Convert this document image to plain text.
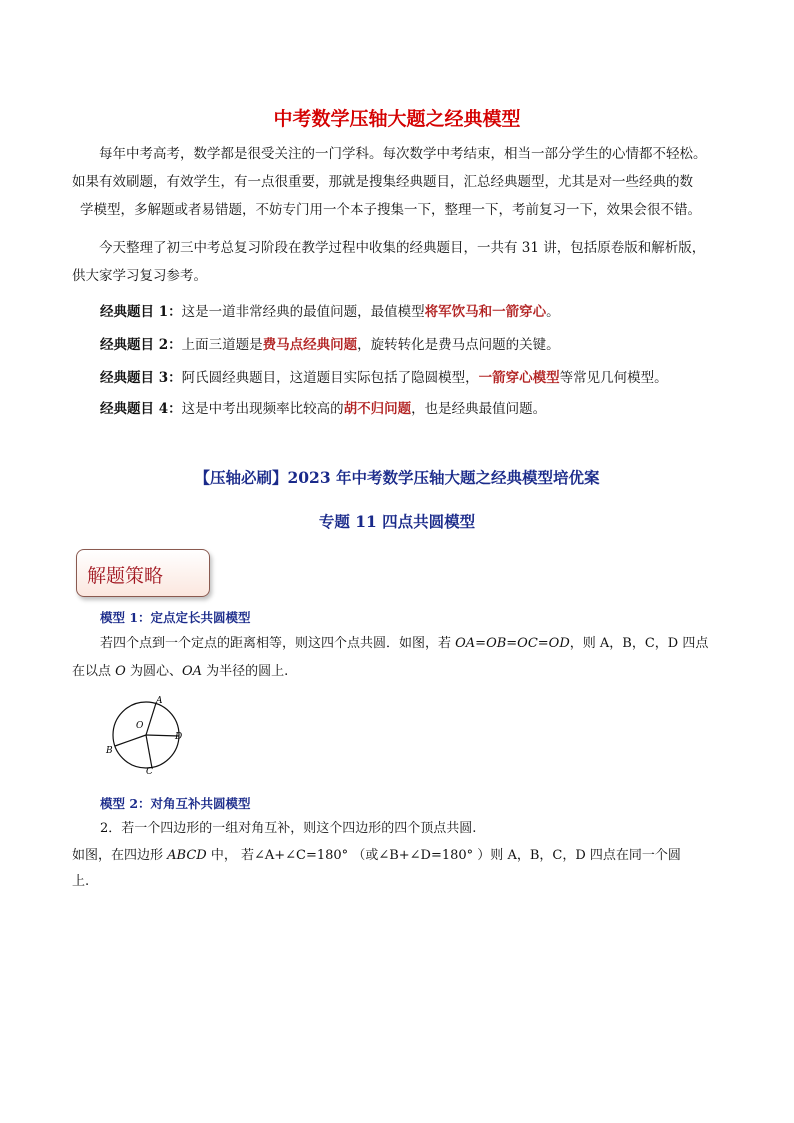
中考数学压轴大题之经典模型
每年中考高考，数学都是很受关注的一门学科。每次数学中考结束，相当一部分学生的心情都不轻松。
如果有效刷题，有效学生，有一点很重要，那就是搜集经典题目，汇总经典题型，尤其是对一些经典的数
学模型，多解题或者易错题，不妨专门用一个本子搜集一下，整理一下，考前复习一下，效果会很不错。
今天整理了初三中考总复习阶段在教学过程中收集的经典题目，一共有 31 讲，包括原卷版和解析版，
供大家学习复习参考。
经典题目 1：这是一道非常经典的最值问题，最值模型将军饮马和一箭穿心。
经典题目 2：上面三道题是费马点经典问题，旋转转化是费马点问题的关键。
经典题目 3：阿氏圆经典题目，这道题目实际包括了隐圆模型，一箭穿心模型等常见几何模型。
经典题目 4：这是中考出现频率比较高的胡不归问题，也是经典最值问题。
【压轴必刷】2023 年中考数学压轴大题之经典模型培优案
专题 11 四点共圆模型
解题策略
模型 1：定点定长共圆模型
若四个点到一个定点的距离相等，则这四个点共圆．如图，若 OA=OB=OC=OD，则 A，B，C，D 四点
在以点 O 为圆心、OA 为半径的圆上.
A
O
D
B
C
模型 2：对角互补共圆模型
2．若一个四边形的一组对角互补，则这个四边形的四个顶点共圆.
如图，在四边形 ABCD 中， 若∠A+∠C=180° （或∠B+∠D=180° ）则 A，B，C，D 四点在同一个圆
上.
